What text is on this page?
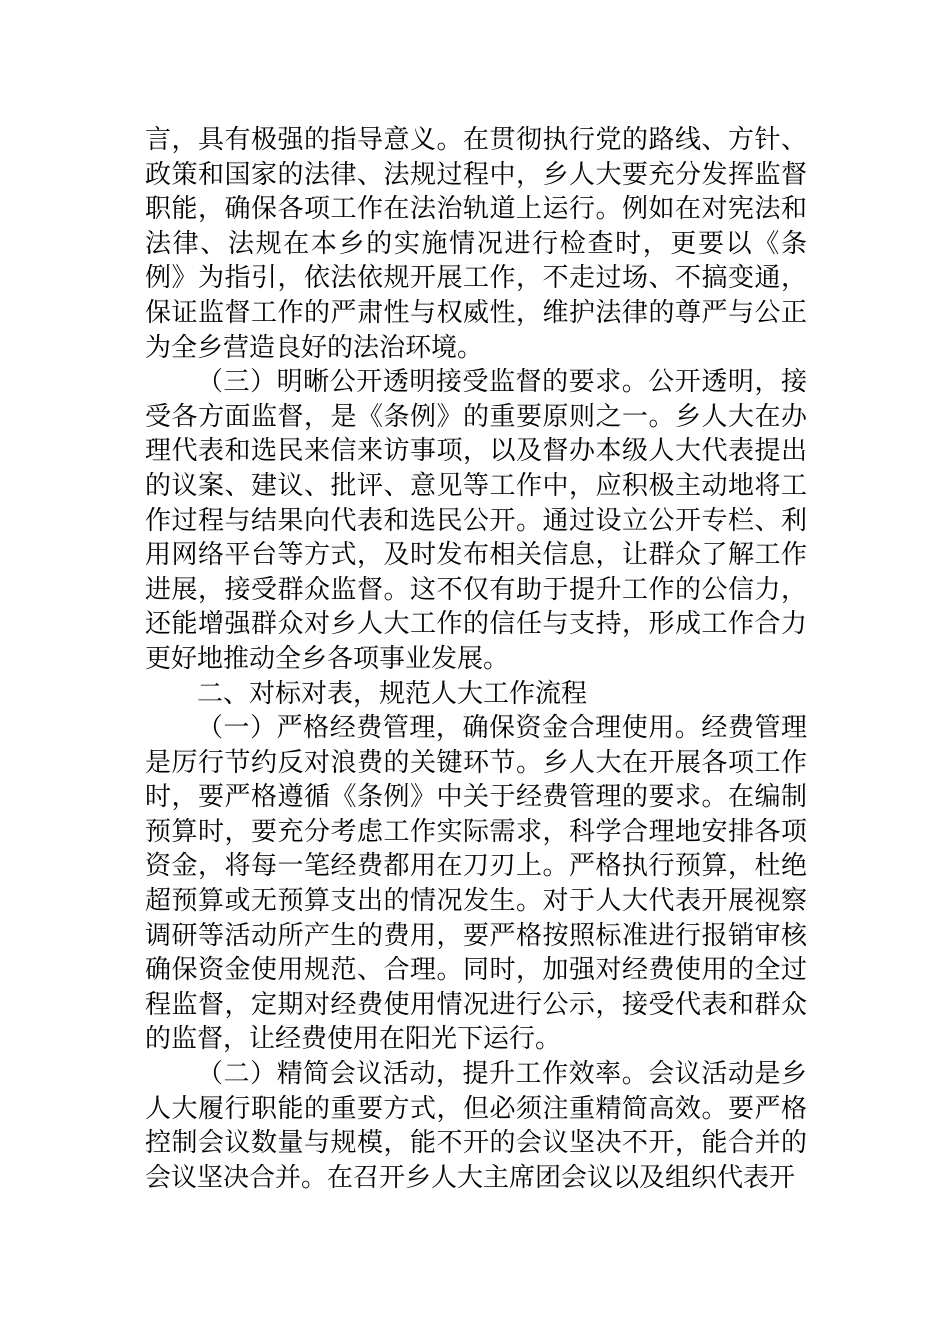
言，具有极强的指导意义。在贯彻执行党的路线、方针、政策和国家的法律、法规过程中，乡人大要充分发挥监督职能，确保各项工作在法治轨道上运行。例如在对宪法和法律、法规在本乡的实施情况进行检查时，更要以《条例》为指引，依法依规开展工作，不走过场、不搞变通，保证监督工作的严肃性与权威性，维护法律的尊严与公正为全乡营造良好的法治环境。

（三）明晰公开透明接受监督的要求。公开透明，接受各方面监督，是《条例》的重要原则之一。乡人大在办理代表和选民来信来访事项，以及督办本级人大代表提出的议案、建议、批评、意见等工作中，应积极主动地将工作过程与结果向代表和选民公开。通过设立公开专栏、利用网络平台等方式，及时发布相关信息，让群众了解工作进展，接受群众监督。这不仅有助于提升工作的公信力，还能增强群众对乡人大工作的信任与支持，形成工作合力更好地推动全乡各项事业发展。

二、对标对表，规范人大工作流程

（一）严格经费管理，确保资金合理使用。经费管理是厉行节约反对浪费的关键环节。乡人大在开展各项工作时，要严格遵循《条例》中关于经费管理的要求。在编制预算时，要充分考虑工作实际需求，科学合理地安排各项资金，将每一笔经费都用在刀刃上。严格执行预算，杜绝超预算或无预算支出的情况发生。对于人大代表开展视察调研等活动所产生的费用，要严格按照标准进行报销审核确保资金使用规范、合理。同时，加强对经费使用的全过程监督，定期对经费使用情况进行公示，接受代表和群众的监督，让经费使用在阳光下运行。

（二）精简会议活动，提升工作效率。会议活动是乡人大履行职能的重要方式，但必须注重精简高效。要严格控制会议数量与规模，能不开的会议坚决不开，能合并的会议坚决合并。在召开乡人大主席团会议以及组织代表开
